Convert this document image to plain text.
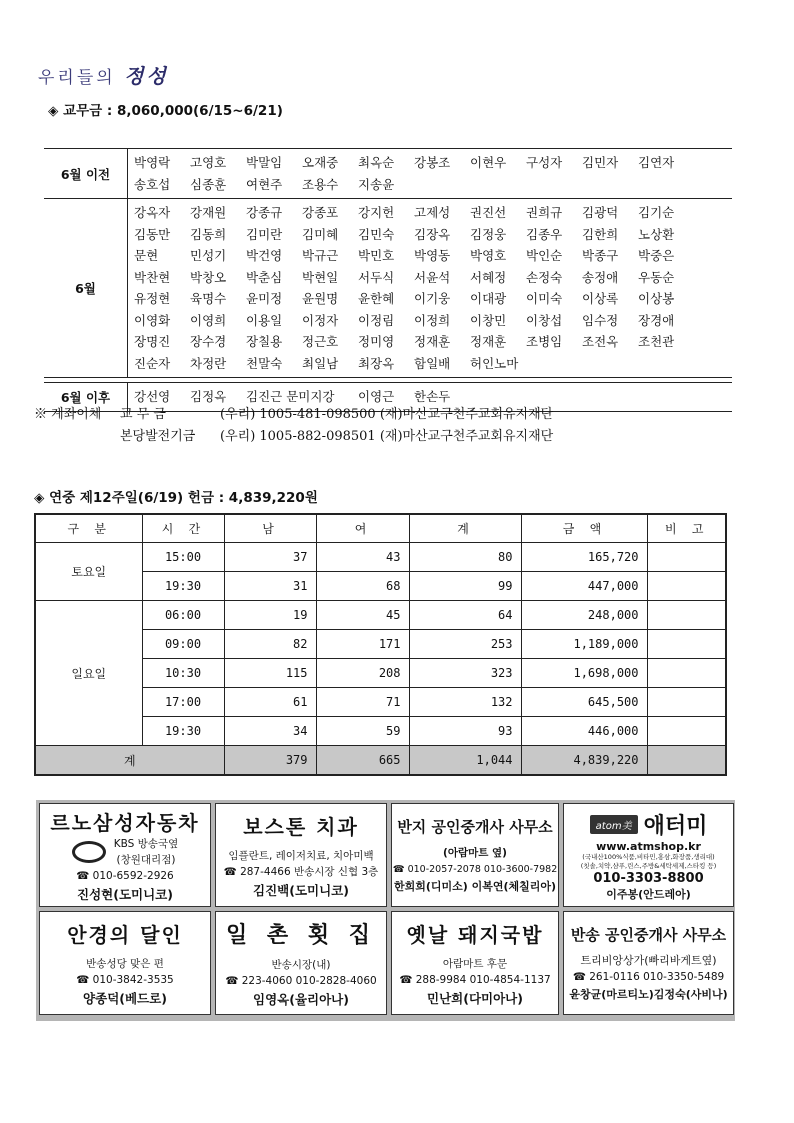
우리들의 정성
◈ 교무금 : 8,060,000(6/15~6/21)
6월 이전
박영락	고영호	박말임	오재중	최옥순	강봉조	이현우	구성자	김민자	김연자
송호섭	심종훈	여현주	조용수	지송윤
6월
강옥자	강재원	강종규	강종포	강지헌	고제성	권진선	권희규	김광덕	김기순
김동만	김동희	김미란	김미혜	김민숙	김장옥	김정웅	김종우	김한희	노상환
문현	민성기	박건영	박규근	박민호	박영동	박영호	박인순	박종구	박중은
박찬현	박창오	박춘심	박현일	서두식	서윤석	서혜정	손정숙	송정애	우동순
유정현	육명수	윤미정	윤원명	윤한혜	이기웅	이대광	이미숙	이상록	이상봉
이영화	이영희	이용일	이정자	이정림	이정희	이창민	이창섭	임수정	장경애
장명진	장수경	장칠용	정근호	정미영	정재훈	정재훈	조병임	조전옥	조천관
진순자	차정란	천말숙	최일남	최장옥	함일배	허인노마
6월 이후	강선영	김정옥	김진근 문미지강	이영근	한손두
※ 계좌이체	교 무 금	(우리) 1005-481-098500 (재)마산교구천주교회유지재단
본당발전기금	(우리) 1005-882-098501 (재)마산교구천주교회유지재단
◈ 연중 제12주일(6/19) 헌금 : 4,839,220원
구 분	시 간	남	여	계	금 액	비 고
토요일	15:00	37	43	80	165,720	
	19:30	31	68	99	447,000	
일요일	06:00	19	45	64	248,000	
	09:00	82	171	253	1,189,000	
	10:30	115	208	323	1,698,000	
	17:00	61	71	132	645,500	
	19:30	34	59	93	446,000	
계		379	665	1,044	4,839,220	
르노삼성자동차
KBS 방송국옆
(창원대리점)
☎ 010-6592-2926
진성현(도미니코)
보스톤 치과
임플란트, 레이저치료, 치아미백
☎ 287-4466 반송시장 신협 3층
김진백(도미니코)
반지 공인중개사 사무소
(아람마트 옆)
☎ 010-2057-2078 010-3600-7982
한희희(디미소) 이복연(체칠리아)
atom美 애터미
www.atmshop.kr
(국내산100%식품,비타민,홍삼,화장품,생리대)
(칫솔,치약,샴푸,린스,주방&세탁세제,스타킹 등)
010-3303-8800
이주봉(안드레아)
안경의 달인
반송성당 맞은 편
☎ 010-3842-3535
양종덕(베드로)
일 촌 횟 집
반송시장(내)
☎ 223-4060 010-2828-4060
임영옥(율리아나)
옛날 돼지국밥
아람마트 후문
☎ 288-9984 010-4854-1137
민난희(다미아나)
반송 공인중개사 사무소
트리비앙상가(빠리바게트옆)
☎ 261-0116 010-3350-5489
윤창균(마르티노)김정숙(사비나)
